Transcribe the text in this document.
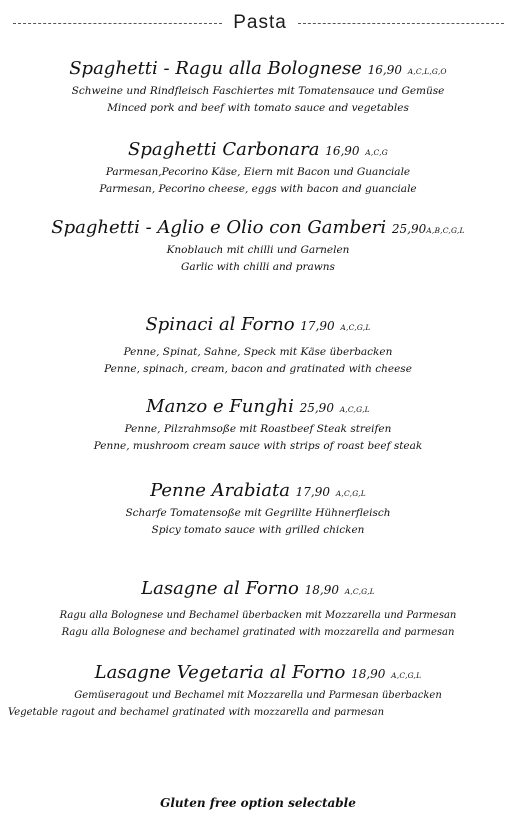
Pasta
Spaghetti - Ragu alla Bolognese 16,90 A,C,L,G,O
Schweine und Rindfleisch Faschiertes mit Tomatensauce und Gemüse
Minced pork and beef with tomato sauce and vegetables
Spaghetti Carbonara 16,90 A,C,G
Parmesan,Pecorino Käse, Eiern mit Bacon und Guanciale
Parmesan, Pecorino cheese, eggs with bacon and guanciale
Spaghetti - Aglio e Olio con Gamberi 25,90A,B,C,G,L
Knoblauch mit chilli und Garnelen
Garlic with chilli and prawns
Spinaci al Forno 17,90 A,C,G,L
Penne, Spinat, Sahne, Speck mit Käse überbacken
Penne, spinach, cream, bacon and gratinated with cheese
Manzo e Funghi 25,90 A,C,G,L
Penne, Pilzrahmsoße mit Roastbeef Steak streifen
Penne, mushroom cream sauce with strips of roast beef steak
Penne Arabiata 17,90 A,C,G,L
Scharfe Tomatensoße mit Gegrillte Hühnerfleisch
Spicy tomato sauce with grilled chicken
Lasagne al Forno 18,90 A,C,G,L
Ragu alla Bolognese und Bechamel überbacken mit Mozzarella und Parmesan
Ragu alla Bolognese and bechamel gratinated with mozzarella and parmesan
Lasagne Vegetaria al Forno 18,90 A,C,G,L
Gemüseragout und Bechamel mit Mozzarella und Parmesan überbacken
Vegetable ragout and bechamel gratinated with mozzarella and parmesan
Gluten free option selectable
